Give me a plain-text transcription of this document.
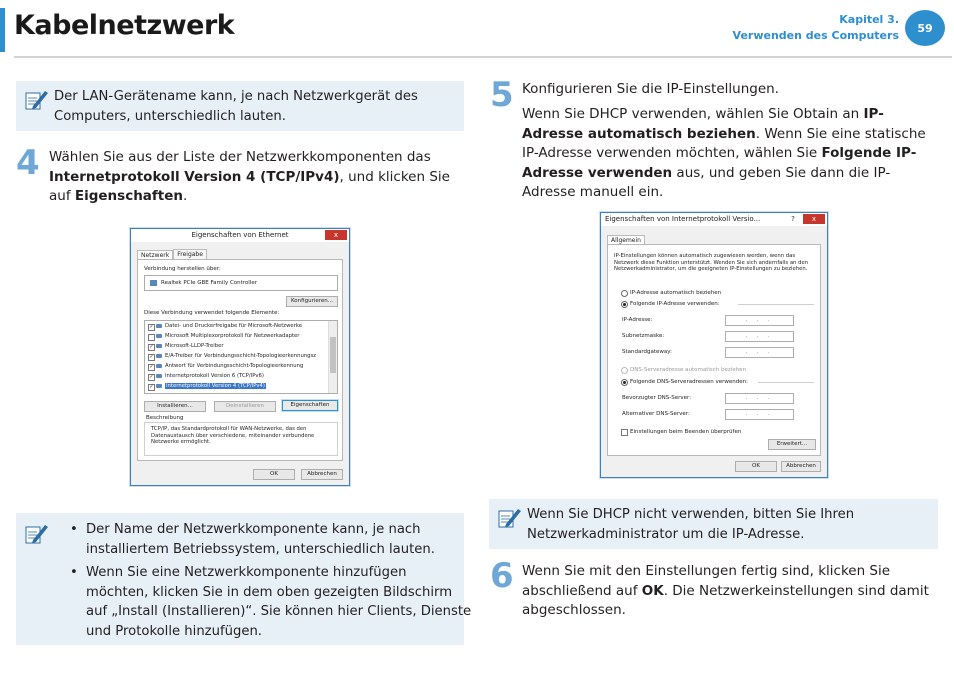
Kabelnetzwerk	Kapitel 3.
Verwenden des Computers
59
Der LAN-Gerätename kann, je nach Netzwerkgerät des Computers, unterschiedlich lauten.
4 Wählen Sie aus der Liste der Netzwerkkomponenten das Internetprotokoll Version 4 (TCP/IPv4), und klicken Sie auf Eigenschaften.
Eigenschaften von Ethernet	x
Netzwerk Freigabe
Verbindung herstellen über:
Realtek PCIe GBE Family Controller
Konfigurieren...
Diese Verbindung verwendet folgende Elemente:
✓ Datei- und Druckerfreigabe für Microsoft-Netzwerke
Microsoft Multiplexorprotokoll für Netzwerkadapter
✓ Microsoft-LLDP-Treiber
✓ E/A-Treiber für Verbindungsschicht-Topologieerkennungsz
✓ Antwort für Verbindungsschicht-Topologieerkennung
✓ Internetprotokoll Version 6 (TCP/IPv6)
✓ Internetprotokoll Version 4 (TCP/IPv4)
Installieren...	Deinstallieren	Eigenschaften
Beschreibung
TCP/IP, das Standardprotokoll für WAN-Netzwerke, das den Datenaustausch über verschiedene, miteinander verbundene Netzwerke ermöglicht.
OK	Abbrechen
• Der Name der Netzwerkkomponente kann, je nach installiertem Betriebssystem, unterschiedlich lauten.
• Wenn Sie eine Netzwerkkomponente hinzufügen möchten, klicken Sie in dem oben gezeigten Bildschirm auf „Install (Installieren)“. Sie können hier Clients, Dienste und Protokolle hinzufügen.
5 Konfigurieren Sie die IP-Einstellungen.
Wenn Sie DHCP verwenden, wählen Sie Obtain an IP-Adresse automatisch beziehen. Wenn Sie eine statische IP-Adresse verwenden möchten, wählen Sie Folgende IP-Adresse verwenden aus, und geben Sie dann die IP-Adresse manuell ein.
Eigenschaften von Internetprotokoll Versio...	?	x
Allgemein
IP-Einstellungen können automatisch zugewiesen werden, wenn das Netzwerk diese Funktion unterstützt. Wenden Sie sich andernfalls an den Netzwerkadministrator, um die geeigneten IP-Einstellungen zu beziehen.
IP-Adresse automatisch beziehen
Folgende IP-Adresse verwenden:
IP-Adresse:	. . .
Subnetzmaske:	. . .
Standardgateway:	. . .
DNS-Serveradresse automatisch beziehen
Folgende DNS-Serveradressen verwenden:
Bevorzugter DNS-Server:	. . .
Alternativer DNS-Server:	. . .
Einstellungen beim Beenden überprüfen
Erweitert...
OK	Abbrechen
Wenn Sie DHCP nicht verwenden, bitten Sie Ihren Netzwerkadministrator um die IP-Adresse.
6 Wenn Sie mit den Einstellungen fertig sind, klicken Sie abschließend auf OK. Die Netzwerkeinstellungen sind damit abgeschlossen.
